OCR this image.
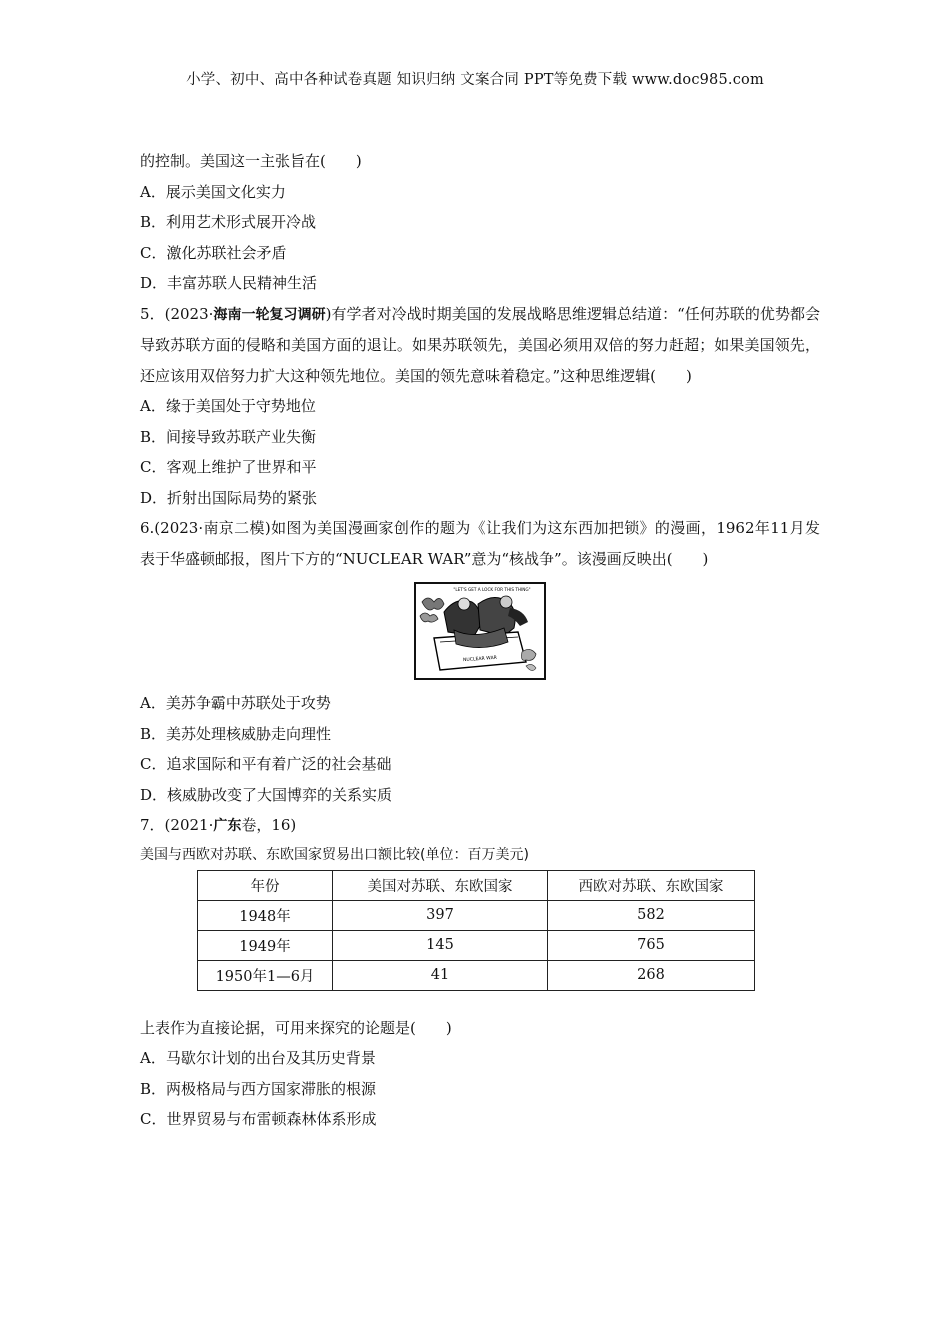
小学、初中、高中各种试卷真题 知识归纳 文案合同 PPT等免费下载 www.doc985.com
的控制。美国这一主张旨在(　　)
A．展示美国文化实力
B．利用艺术形式展开冷战
C．激化苏联社会矛盾
D．丰富苏联人民精神生活
5．(2023·海南一轮复习调研)有学者对冷战时期美国的发展战略思维逻辑总结道：“任何苏联的优势都会导致苏联方面的侵略和美国方面的退让。如果苏联领先，美国必须用双倍的努力赶超；如果美国领先，还应该用双倍努力扩大这种领先地位。美国的领先意味着稳定。”这种思维逻辑(　　)
A．缘于美国处于守势地位
B．间接导致苏联产业失衡
C．客观上维护了世界和平
D．折射出国际局势的紧张
6.(2023·南京二模)如图为美国漫画家创作的题为《让我们为这东西加把锁》的漫画，1962年11月发表于华盛顿邮报，图片下方的“NUCLEAR WAR”意为“核战争”。该漫画反映出(　　)
"LET'S GET A LOCK FOR THIS THING"
NUCLEAR WAR
A．美苏争霸中苏联处于攻势
B．美苏处理核威胁走向理性
C．追求国际和平有着广泛的社会基础
D．核威胁改变了大国博弈的关系实质
7．(2021·广东卷，16)
美国与西欧对苏联、东欧国家贸易出口额比较(单位：百万美元)
年份	美国对苏联、东欧国家	西欧对苏联、东欧国家
1948年	397	582
1949年	145	765
1950年1—6月	41	268
上表作为直接论据，可用来探究的论题是(　　)
A．马歇尔计划的出台及其历史背景
B．两极格局与西方国家滞胀的根源
C．世界贸易与布雷顿森林体系形成
